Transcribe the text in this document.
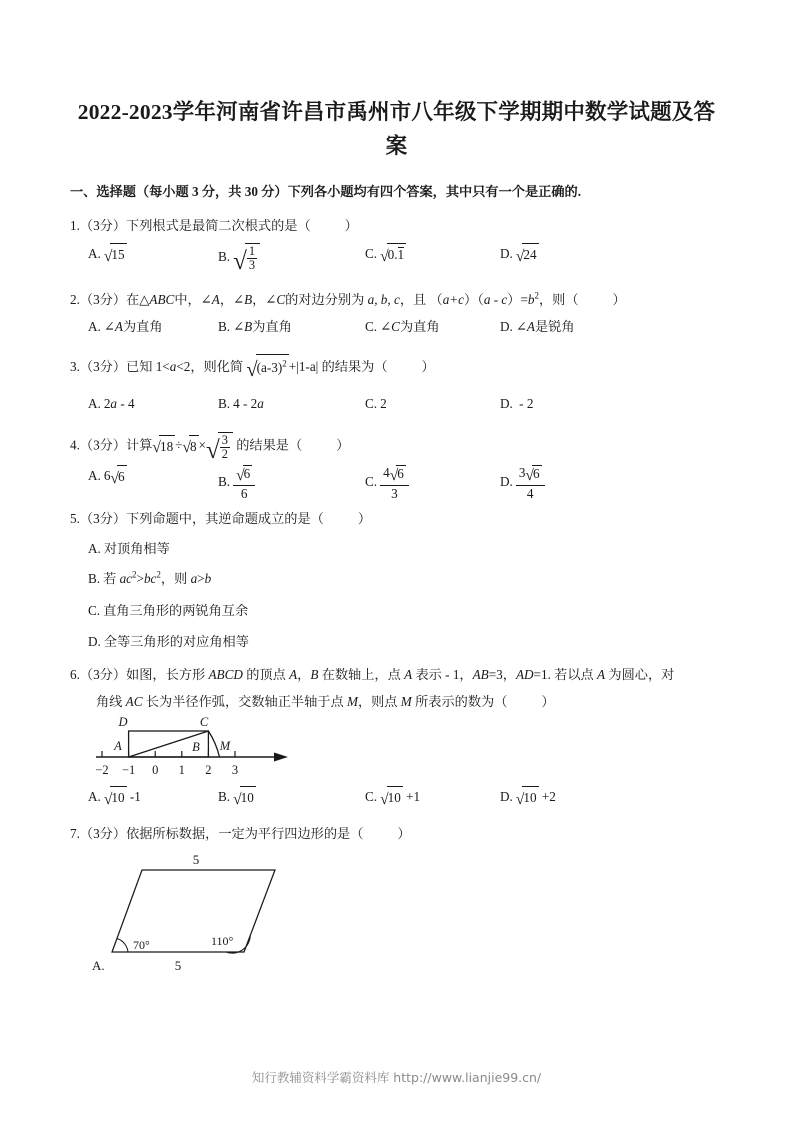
2022-2023学年河南省许昌市禹州市八年级下学期期中数学试题及答案
一、选择题（每小题 3 分，共 30 分）下列各小题均有四个答案，其中只有一个是正确的.
1.（3分）下列根式是最简二次根式的是（	）
A. √15	B. √ $\frac{1}{3}$	C. √0.1	D. √24
2.（3分）在△ABC中，∠A，∠B，∠C的对边分别为 a, b, c，且 $(a+c)(a - c)=b^2$，则（	）
A. ∠A为直角	B. ∠B为直角	C. ∠C为直角	D. ∠A是锐角
3.（3分）已知 1<a<2，则化简 $√(a-3)^2 +|1-a|$ 的结果为（	）
A. 2a - 4	B. 4 - 2a	C. 2	D. - 2
4.（3分）计算√18 ÷√8 ×√ $\frac{3}{2}$ 的结果是（	）
A. 6√6	B. $\frac{√6}{6}$	C. $\frac{4√6}{3}$	D. $\frac{3√6}{4}$
5.（3分）下列命题中，其逆命题成立的是（	）
A. 对顶角相等
B. 若 $ac^2>bc^2$，则 a>b
C. 直角三角形的两锐角互余
D. 全等三角形的对应角相等
6.（3分）如图，长方形 ABCD 的顶点 A，B 在数轴上，点 A 表示 - 1，AB=3，AD=1. 若以点 A 为圆心，对
角线 AC 长为半径作弧，交数轴正半轴于点 M，则点 M 所表示的数为（	）
−2 −1 0 1 2 3
D	C
A	B M
A. √10 -1	B. √10	C. √10 +1	D. √10 +2
7.（3分）依据所标数据，一定为平行四边形的是（	）
5
5
70°	110°
A.
知行教辅资料学霸资料库 http://www.lianjie99.cn/
